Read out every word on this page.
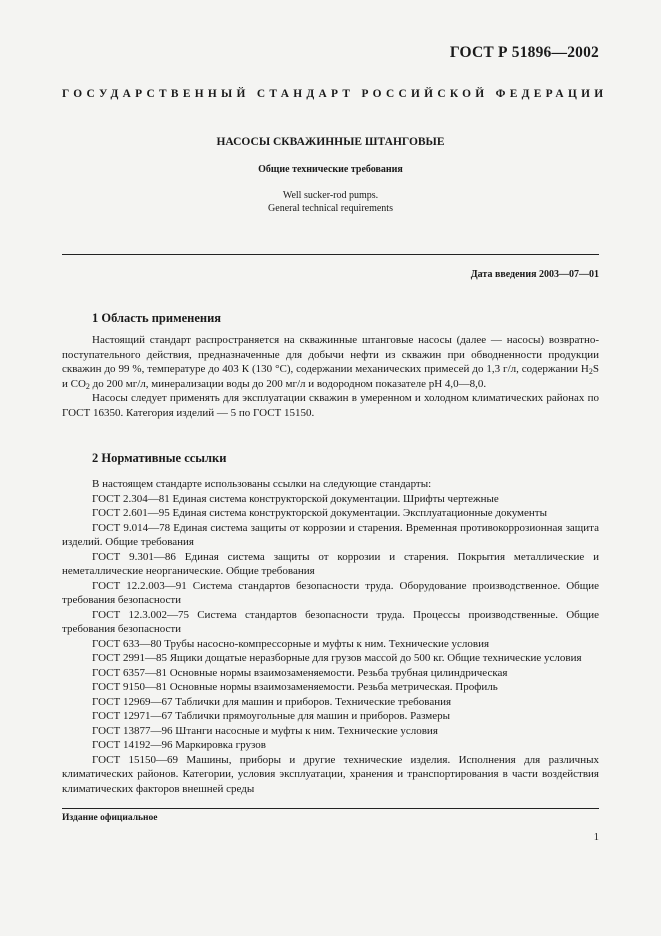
ГОСТ Р 51896—2002
ГОСУДАРСТВЕННЫЙ СТАНДАРТ РОССИЙСКОЙ ФЕДЕРАЦИИ
НАСОСЫ СКВАЖИННЫЕ ШТАНГОВЫЕ
Общие технические требования
Well sucker-rod pumps.
General technical requirements
Дата введения 2003—07—01
1 Область применения

Настоящий стандарт распространяется на скважинные штанговые насосы (далее — насосы) возвратно-поступательного действия, предназначенные для добычи нефти из скважин при обводненности продукции скважин до 99 %, температуре до 403 К (130 °С), содержании механических примесей до 1,3 г/л, содержании $H_2S$ и $CO_2$ до 200 мг/л, минерализации воды до 200 мг/л и водородном показателе pH 4,0—8,0.

Насосы следует применять для эксплуатации скважин в умеренном и холодном климатических районах по ГОСТ 16350. Категория изделий — 5 по ГОСТ 15150.

2 Нормативные ссылки

В настоящем стандарте использованы ссылки на следующие стандарты:

ГОСТ 2.304—81 Единая система конструкторской документации. Шрифты чертежные

ГОСТ 2.601—95 Единая система конструкторской документации. Эксплуатационные документы

ГОСТ 9.014—78 Единая система защиты от коррозии и старения. Временная противокоррозионная защита изделий. Общие требования

ГОСТ 9.301—86 Единая система защиты от коррозии и старения. Покрытия металлические и неметаллические неорганические. Общие требования

ГОСТ 12.2.003—91 Система стандартов безопасности труда. Оборудование производственное. Общие требования безопасности

ГОСТ 12.3.002—75 Система стандартов безопасности труда. Процессы производственные. Общие требования безопасности

ГОСТ 633—80 Трубы насосно-компрессорные и муфты к ним. Технические условия

ГОСТ 2991—85 Ящики дощатые неразборные для грузов массой до 500 кг. Общие технические условия

ГОСТ 6357—81 Основные нормы взаимозаменяемости. Резьба трубная цилиндрическая

ГОСТ 9150—81 Основные нормы взаимозаменяемости. Резьба метрическая. Профиль

ГОСТ 12969—67 Таблички для машин и приборов. Технические требования

ГОСТ 12971—67 Таблички прямоугольные для машин и приборов. Размеры

ГОСТ 13877—96 Штанги насосные и муфты к ним. Технические условия

ГОСТ 14192—96 Маркировка грузов

ГОСТ 15150—69 Машины, приборы и другие технические изделия. Исполнения для различных климатических районов. Категории, условия эксплуатации, хранения и транспортирования в части воздействия климатических факторов внешней среды

Издание официальное
1
